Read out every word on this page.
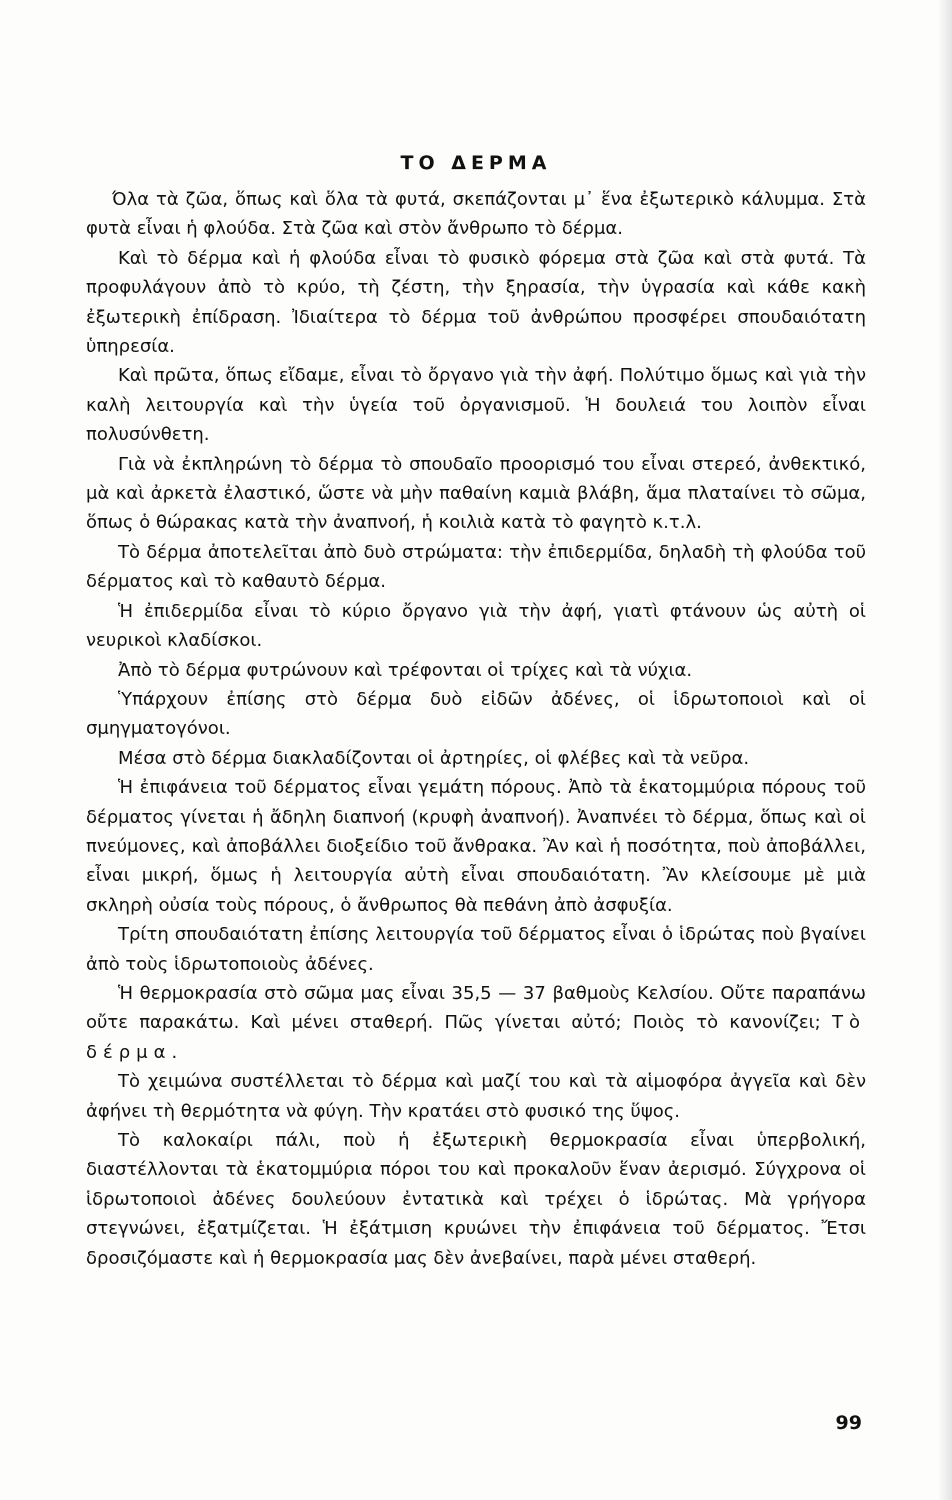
ΤΟ ΔΕΡΜΑ

Όλα τὰ ζῶα, ὅπως καὶ ὅλα τὰ φυτά, σκεπάζονται μ᾽ ἕνα ἐξωτερικὸ κάλυμμα. Στὰ φυτὰ εἶναι ἡ φλούδα. Στὰ ζῶα καὶ στὸν ἄνθρωπο τὸ δέρμα.

Καὶ τὸ δέρμα καὶ ἡ φλούδα εἶναι τὸ φυσικὸ φόρεμα στὰ ζῶα καὶ στὰ φυτά. Τὰ προφυλάγουν ἀπὸ τὸ κρύο, τὴ ζέστη, τὴν ξηρασία, τὴν ὑγρασία καὶ κάθε κακὴ ἐξωτερικὴ ἐπίδραση. Ἰδιαίτερα τὸ δέρμα τοῦ ἀνθρώπου προσφέρει σπουδαιότατη ὑπηρεσία.

Καὶ πρῶτα, ὅπως εἴδαμε, εἶναι τὸ ὄργανο γιὰ τὴν ἀφή. Πολύτιμο ὅμως καὶ γιὰ τὴν καλὴ λειτουργία καὶ τὴν ὑγεία τοῦ ὀργανισμοῦ. Ἡ δουλειά του λοιπὸν εἶναι πολυσύνθετη.

Γιὰ νὰ ἐκπληρώνη τὸ δέρμα τὸ σπουδαῖο προορισμό του εἶναι στερεό, ἀνθεκτικό, μὰ καὶ ἀρκετὰ ἐλαστικό, ὥστε νὰ μὴν παθαίνη καμιὰ βλάβη, ἅμα πλαταίνει τὸ σῶμα, ὅπως ὁ θώρακας κατὰ τὴν ἀναπνοή, ἡ κοιλιὰ κατὰ τὸ φαγητὸ κ.τ.λ.

Τὸ δέρμα ἀποτελεῖται ἀπὸ δυὸ στρώματα: τὴν ἐπιδερμίδα, δηλαδὴ τὴ φλούδα τοῦ δέρματος καὶ τὸ καθαυτὸ δέρμα.

Ἡ ἐπιδερμίδα εἶναι τὸ κύριο ὄργανο γιὰ τὴν ἀφή, γιατὶ φτάνουν ὡς αὐτὴ οἱ νευρικοὶ κλαδίσκοι.

Ἀπὸ τὸ δέρμα φυτρώνουν καὶ τρέφονται οἱ τρίχες καὶ τὰ νύχια.

Ὑπάρχουν ἐπίσης στὸ δέρμα δυὸ εἰδῶν ἀδένες, οἱ ἱδρωτοποιοὶ καὶ οἱ σμηγματογόνοι.

Μέσα στὸ δέρμα διακλαδίζονται οἱ ἀρτηρίες, οἱ φλέβες καὶ τὰ νεῦρα.

Ἡ ἐπιφάνεια τοῦ δέρματος εἶναι γεμάτη πόρους. Ἀπὸ τὰ ἑκατομμύρια πόρους τοῦ δέρματος γίνεται ἡ ἄδηλη διαπνοή (κρυφὴ ἀναπνοή). Ἀναπνέει τὸ δέρμα, ὅπως καὶ οἱ πνεύμονες, καὶ ἀποβάλλει διοξείδιο τοῦ ἄνθρακα. Ἂν καὶ ἡ ποσότητα, ποὺ ἀποβάλλει, εἶναι μικρή, ὅμως ἡ λειτουργία αὐτὴ εἶναι σπουδαιότατη. Ἂν κλείσουμε μὲ μιὰ σκληρὴ οὐσία τοὺς πόρους, ὁ ἄνθρωπος θὰ πεθάνη ἀπὸ ἀσφυξία.

Τρίτη σπουδαιότατη ἐπίσης λειτουργία τοῦ δέρματος εἶναι ὁ ἱδρώτας ποὺ βγαίνει ἀπὸ τοὺς ἱδρωτοποιοὺς ἀδένες.

Ἡ θερμοκρασία στὸ σῶμα μας εἶναι 35,5 — 37 βαθμοὺς Κελσίου. Οὔτε παραπάνω οὔτε παρακάτω. Καὶ μένει σταθερή. Πῶς γίνεται αὐτό; Ποιὸς τὸ κανονίζει; Τὸ δέρμα.

Τὸ χειμώνα συστέλλεται τὸ δέρμα καὶ μαζί του καὶ τὰ αἱμοφόρα ἀγγεῖα καὶ δὲν ἀφήνει τὴ θερμότητα νὰ φύγη. Τὴν κρατάει στὸ φυσικό της ὕψος.

Τὸ καλοκαίρι πάλι, ποὺ ἡ ἐξωτερικὴ θερμοκρασία εἶναι ὑπερβολική, διαστέλλονται τὰ ἑκατομμύρια πόροι του καὶ προκαλοῦν ἕναν ἀερισμό. Σύγχρονα οἱ ἱδρωτοποιοὶ ἀδένες δουλεύουν ἐντατικὰ καὶ τρέχει ὁ ἱδρώτας. Μὰ γρήγορα στεγνώνει, ἐξατμίζεται. Ἡ ἐξάτμιση κρυώνει τὴν ἐπιφάνεια τοῦ δέρματος. Ἔτσι δροσιζόμαστε καὶ ἡ θερμοκρασία μας δὲν ἀνεβαίνει, παρὰ μένει σταθερή.

99
